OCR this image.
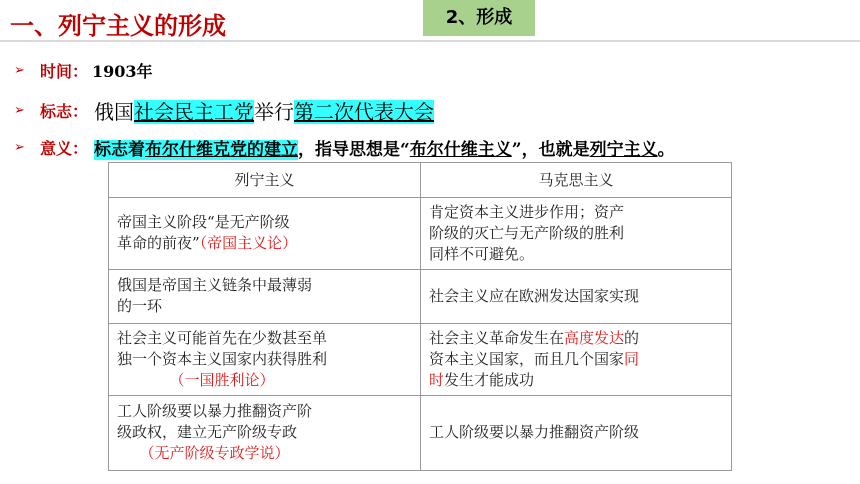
一、列宁主义的形成	2、形成
➢ 时间： 1903年
➢ 标志： 俄国社会民主工党举行第二次代表大会
➢ 意义： 标志着布尔什维克党的建立，指导思想是“布尔什维主义”，也就是列宁主义。
列宁主义	马克思主义
帝国主义阶段“是无产阶级
革命的前夜”（帝国主义论）
肯定资本主义进步作用；资产
阶级的灭亡与无产阶级的胜利
同样不可避免。
俄国是帝国主义链条中最薄弱
的一环
社会主义应在欧洲发达国家实现
社会主义可能首先在少数甚至单
独一个资本主义国家内获得胜利
（一国胜利论）
社会主义革命发生在高度发达的
资本主义国家，而且几个国家同
时发生才能成功
工人阶级要以暴力推翻资产阶
级政权，建立无产阶级专政
（无产阶级专政学说）
工人阶级要以暴力推翻资产阶级
